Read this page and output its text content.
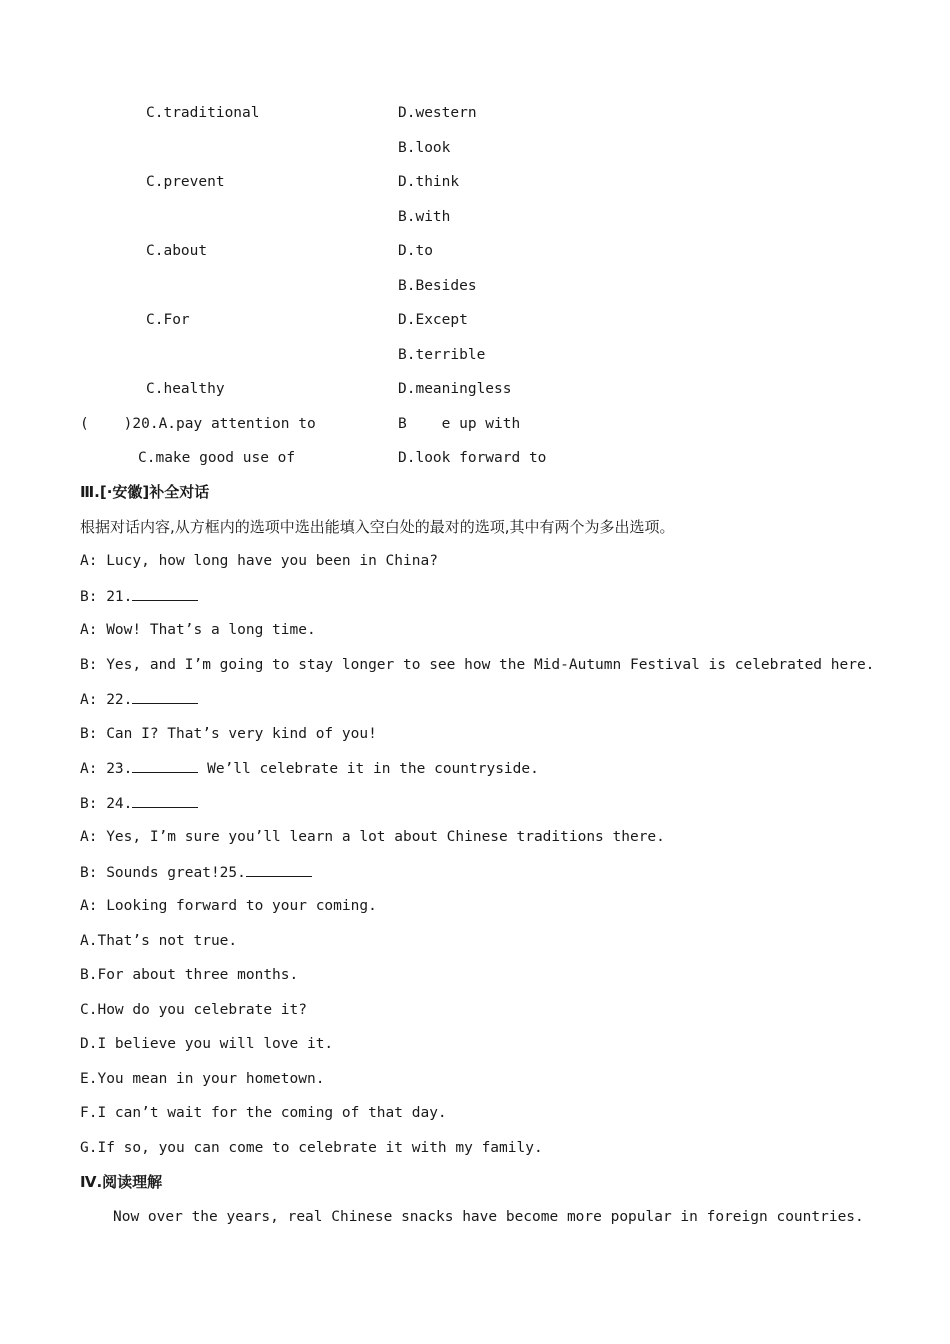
C.traditional	D.western
B.look
C.prevent	D.think
B.with
C.about	D.to
B.Besides
C.For	D.Except
B.terrible
C.healthy	D.meaningless
(    )20.A.pay attention to	B    e up with
C.make good use of	D.look forward to
Ⅲ.[·安徽]补全对话
根据对话内容,从方框内的选项中选出能填入空白处的最对的选项,其中有两个为多出选项。
A: Lucy, how long have you been in China?
B: 21.
A: Wow! That’s a long time.
B: Yes, and I’m going to stay longer to see how the Mid-Autumn Festival is celebrated here.
A: 22.
B: Can I? That’s very kind of you!
A: 23.	We’ll celebrate it in the countryside.
B: 24.
A: Yes, I’m sure you’ll learn a lot about Chinese traditions there.
B: Sounds great!25.
A: Looking forward to your coming.
A.That’s not true.
B.For about three months.
C.How do you celebrate it?
D.I believe you will love it.
E.You mean in your hometown.
F.I can’t wait for the coming of that day.
G.If so, you can come to celebrate it with my family.
Ⅳ.阅读理解
Now over the years, real Chinese snacks have become more popular in foreign countries.
